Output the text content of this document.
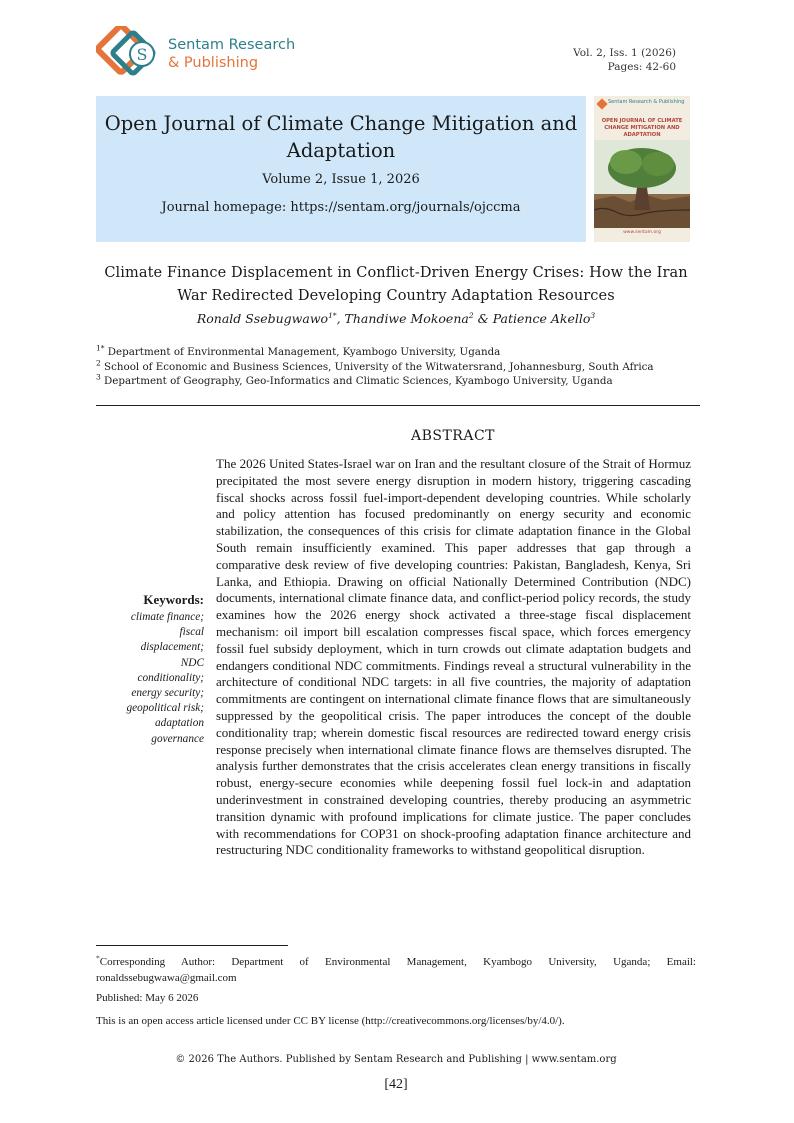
S Sentam Research
& Publishing
Vol. 2, Iss. 1 (2026)
Pages: 42-60
Open Journal of Climate Change Mitigation and Adaptation
Volume 2, Issue 1, 2026
Journal homepage: https://sentam.org/journals/ojccma
Sentam Research & Publishing
OPEN JOURNAL OF CLIMATE CHANGE MITIGATION AND ADAPTATION
www.sentam.org
Climate Finance Displacement in Conflict-Driven Energy Crises: How the Iran War Redirected Developing Country Adaptation Resources
Ronald Ssebugwawo$^{1*}$, Thandiwe Mokoena$^2$ & Patience Akello$^3$

$^{1*}$ Department of Environmental Management, Kyambogo University, Uganda

$^2$ School of Economic and Business Sciences, University of the Witwatersrand, Johannesburg, South Africa

$^3$ Department of Geography, Geo-Informatics and Climatic Sciences, Kyambogo University, Uganda

ABSTRACT
The 2026 United States-Israel war on Iran and the resultant closure of the Strait of Hormuz precipitated the most severe energy disruption in modern history, triggering cascading fiscal shocks across fossil fuel-import-dependent developing countries. While scholarly and policy attention has focused predominantly on energy security and economic stabilization, the consequences of this crisis for climate adaptation finance in the Global South remain insufficiently examined. This paper addresses that gap through a comparative desk review of five developing countries: Pakistan, Bangladesh, Kenya, Sri Lanka, and Ethiopia. Drawing on official Nationally Determined Contribution (NDC) documents, international climate finance data, and conflict-period policy records, the study examines how the 2026 energy shock activated a three-stage fiscal displacement mechanism: oil import bill escalation compresses fiscal space, which forces emergency fossil fuel subsidy deployment, which in turn crowds out climate adaptation budgets and endangers conditional NDC commitments. Findings reveal a structural vulnerability in the architecture of conditional NDC targets: in all five countries, the majority of adaptation commitments are contingent on international climate finance flows that are simultaneously suppressed by the geopolitical crisis. The paper introduces the concept of the double conditionality trap; wherein domestic fiscal resources are redirected toward energy crisis response precisely when international climate finance flows are themselves disrupted. The analysis further demonstrates that the crisis accelerates clean energy transitions in fiscally robust, energy-secure economies while deepening fossil fuel lock-in and adaptation underinvestment in constrained developing countries, thereby producing an asymmetric transition dynamic with profound implications for climate justice. The paper concludes with recommendations for COP31 on shock-proofing adaptation finance architecture and restructuring NDC conditionality frameworks to withstand geopolitical disruption.
Keywords:
climate finance;
fiscal
displacement;
NDC
conditionality;
energy security;
geopolitical risk;
adaptation
governance
*Corresponding Author: Department of Environmental Management, Kyambogo University, Uganda; Email: ronaldssebugwawa@gmail.com
Published: May 6 2026
This is an open access article licensed under CC BY license (http://creativecommons.org/licenses/by/4.0/).
© 2026 The Authors. Published by Sentam Research and Publishing | www.sentam.org
[42]
